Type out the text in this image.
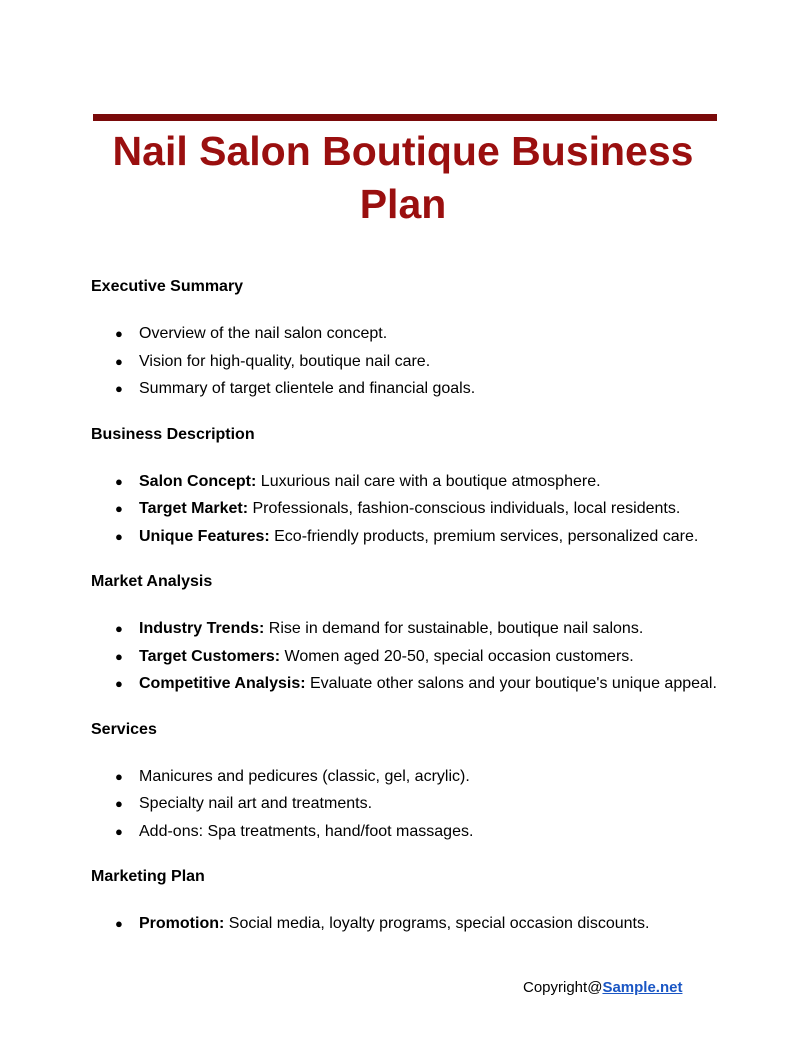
Nail Salon Boutique Business Plan
Executive Summary
● Overview of the nail salon concept.
● Vision for high-quality, boutique nail care.
● Summary of target clientele and financial goals.
Business Description
● Salon Concept: Luxurious nail care with a boutique atmosphere.
● Target Market: Professionals, fashion-conscious individuals, local residents.
● Unique Features: Eco-friendly products, premium services, personalized care.
Market Analysis
● Industry Trends: Rise in demand for sustainable, boutique nail salons.
● Target Customers: Women aged 20-50, special occasion customers.
● Competitive Analysis: Evaluate other salons and your boutique's unique appeal.
Services
● Manicures and pedicures (classic, gel, acrylic).
● Specialty nail art and treatments.
● Add-ons: Spa treatments, hand/foot massages.
Marketing Plan
● Promotion: Social media, loyalty programs, special occasion discounts.
Copyright@Sample.net
